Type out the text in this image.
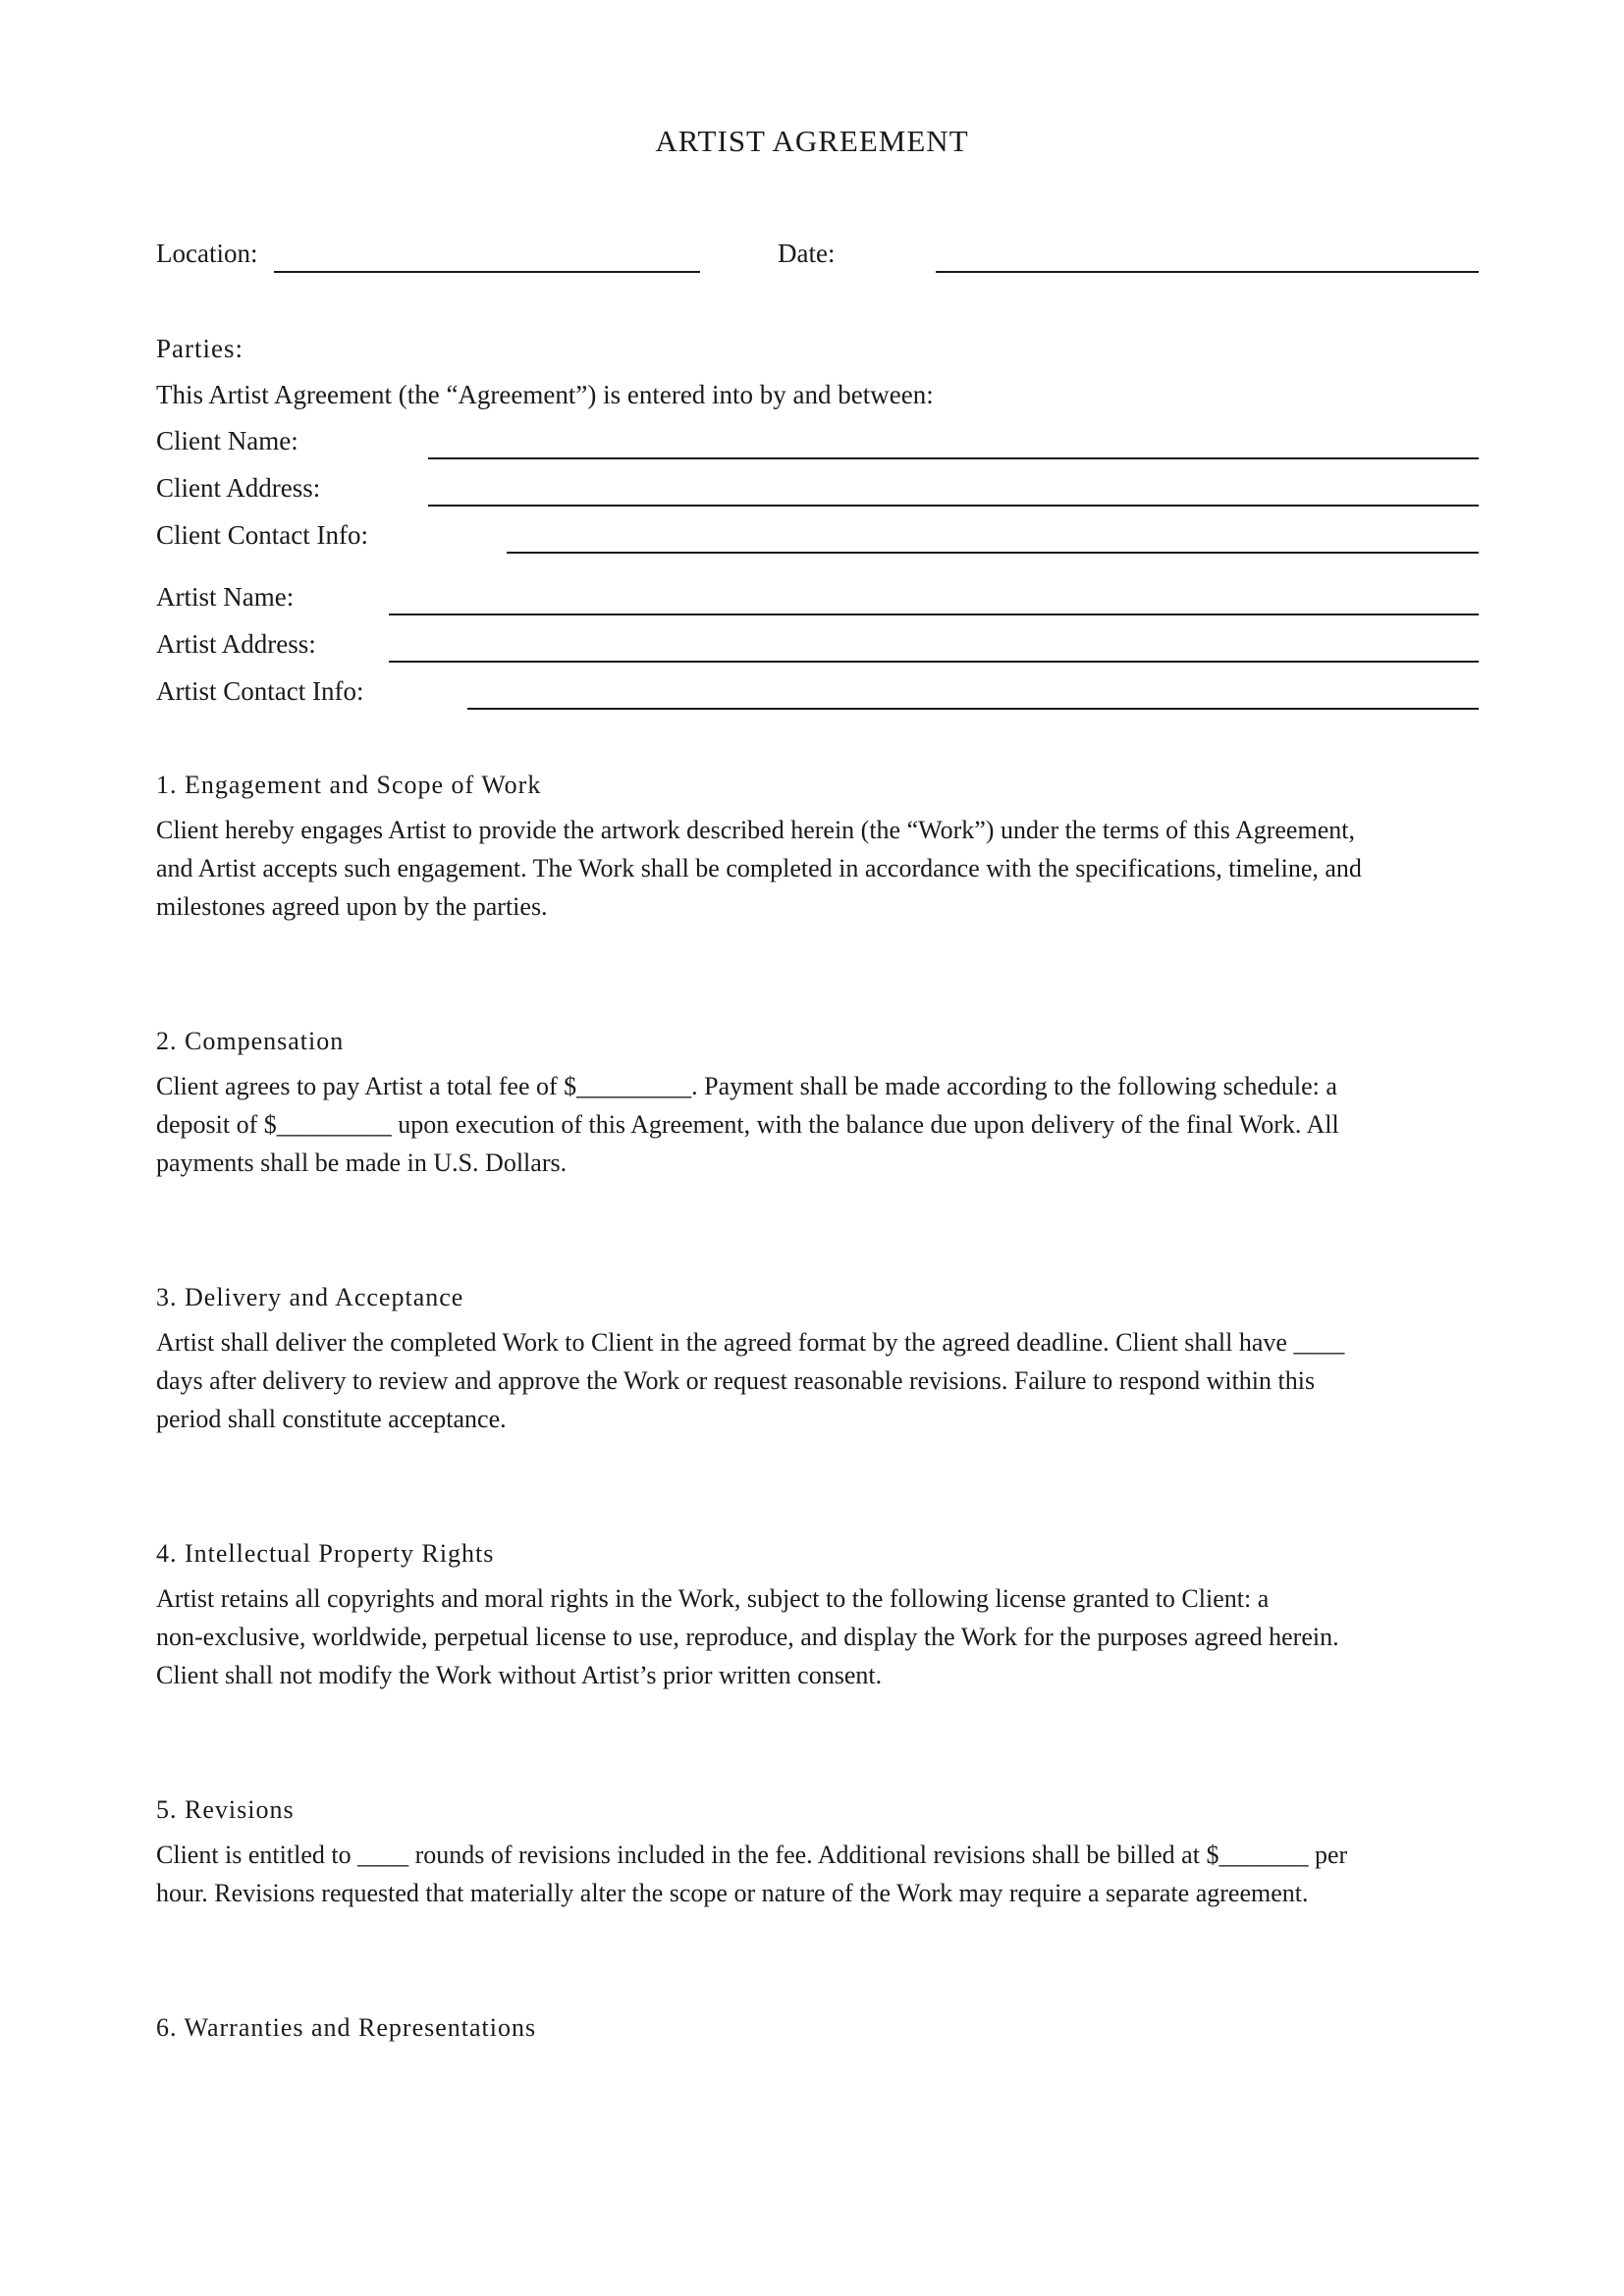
ARTIST AGREEMENT
Location:	Date:
Parties:
This Artist Agreement (the “Agreement”) is entered into by and between:
Client Name:
Client Address:
Client Contact Info:
Artist Name:
Artist Address:
Artist Contact Info:
1. Engagement and Scope of Work
Client hereby engages Artist to provide the artwork described herein (the “Work”) under the terms of this Agreement,
and Artist accepts such engagement. The Work shall be completed in accordance with the specifications, timeline, and
milestones agreed upon by the parties.
2. Compensation
Client agrees to pay Artist a total fee of $_________. Payment shall be made according to the following schedule: a
deposit of $_________ upon execution of this Agreement, with the balance due upon delivery of the final Work. All
payments shall be made in U.S. Dollars.
3. Delivery and Acceptance
Artist shall deliver the completed Work to Client in the agreed format by the agreed deadline. Client shall have ____
days after delivery to review and approve the Work or request reasonable revisions. Failure to respond within this
period shall constitute acceptance.
4. Intellectual Property Rights
Artist retains all copyrights and moral rights in the Work, subject to the following license granted to Client: a
non-exclusive, worldwide, perpetual license to use, reproduce, and display the Work for the purposes agreed herein.
Client shall not modify the Work without Artist’s prior written consent.
5. Revisions
Client is entitled to ____ rounds of revisions included in the fee. Additional revisions shall be billed at $_______ per
hour. Revisions requested that materially alter the scope or nature of the Work may require a separate agreement.
6. Warranties and Representations
